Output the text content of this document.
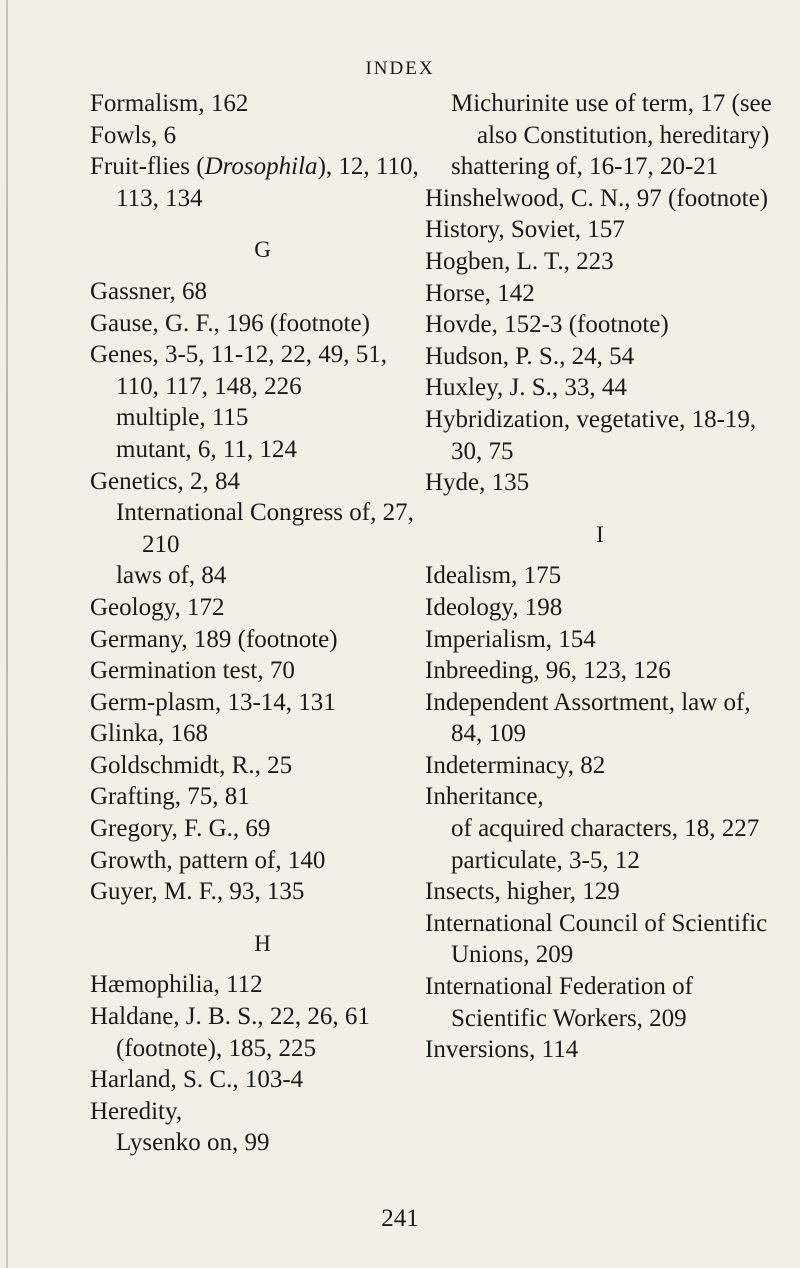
INDEX
Formalism, 162
Fowls, 6
Fruit-flies (Drosophila), 12, 110, 113, 134
G
Gassner, 68
Gause, G. F., 196 (footnote)
Genes, 3-5, 11-12, 22, 49, 51, 110, 117, 148, 226
multiple, 115
mutant, 6, 11, 124
Genetics, 2, 84
International Congress of, 27, 210
laws of, 84
Geology, 172
Germany, 189 (footnote)
Germination test, 70
Germ-plasm, 13-14, 131
Glinka, 168
Goldschmidt, R., 25
Grafting, 75, 81
Gregory, F. G., 69
Growth, pattern of, 140
Guyer, M. F., 93, 135
H
Hæmophilia, 112
Haldane, J. B. S., 22, 26, 61 (footnote), 185, 225
Harland, S. C., 103-4
Heredity,
Lysenko on, 99
Michurinite use of term, 17 (see also Constitution, hereditary)
shattering of, 16-17, 20-21
Hinshelwood, C. N., 97 (footnote)
History, Soviet, 157
Hogben, L. T., 223
Horse, 142
Hovde, 152-3 (footnote)
Hudson, P. S., 24, 54
Huxley, J. S., 33, 44
Hybridization, vegetative, 18-19, 30, 75
Hyde, 135
I
Idealism, 175
Ideology, 198
Imperialism, 154
Inbreeding, 96, 123, 126
Independent Assortment, law of, 84, 109
Indeterminacy, 82
Inheritance,
of acquired characters, 18, 227
particulate, 3-5, 12
Insects, higher, 129
International Council of Scientific Unions, 209
International Federation of Scientific Workers, 209
Inversions, 114
241
